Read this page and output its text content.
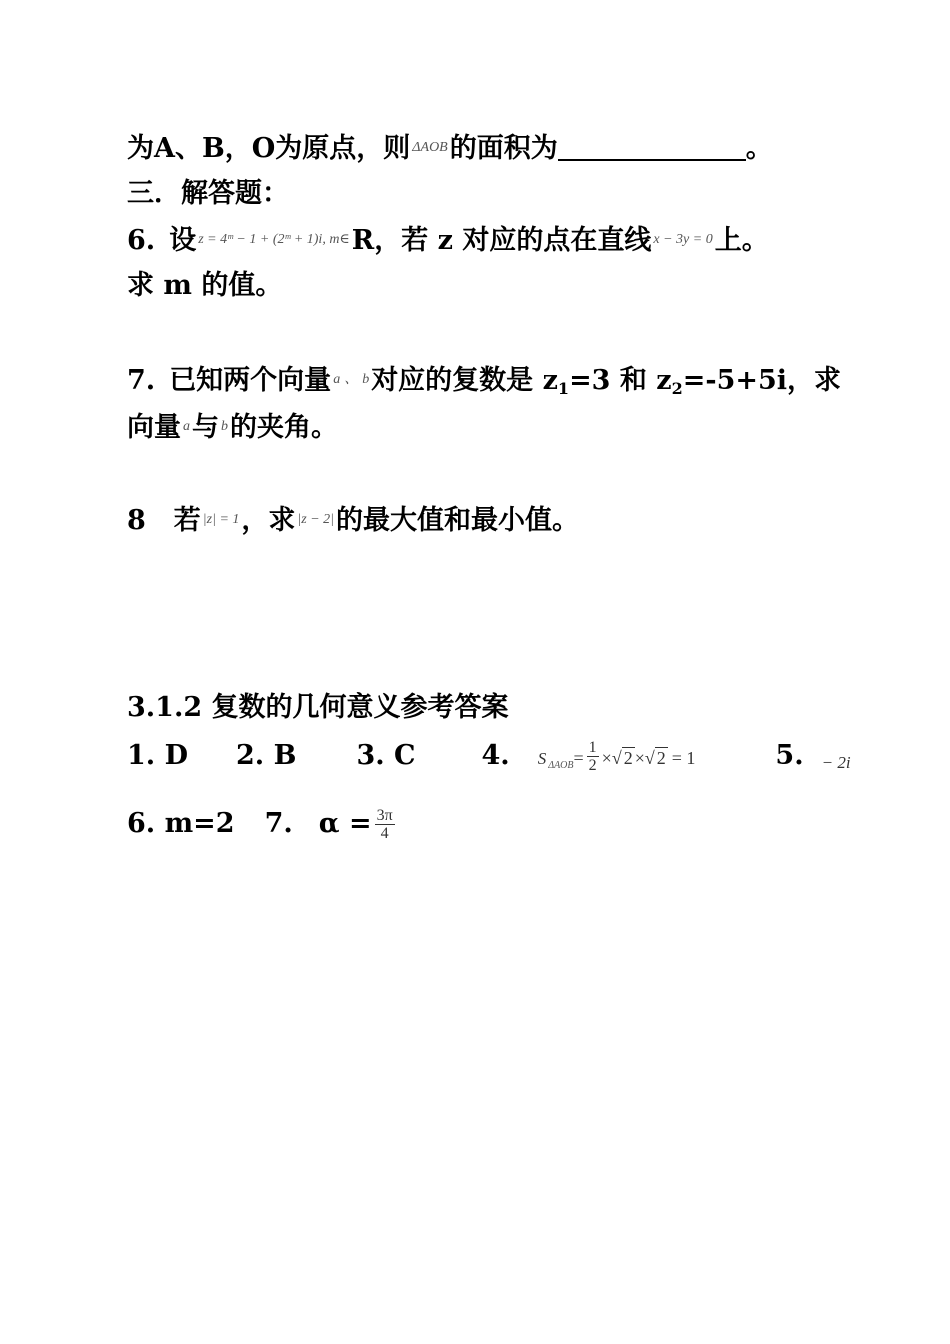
为A、B，O为原点，则 $^{\Delta AOB}$的面积为	。
三．解答题：
6. 设 $^{z = 4ᵐ - 1 + (2ᵐ + 1)i, m\in}$R，若 z 对应的点在直线 $^{x - 3y = 0}$上。
求 m 的值。
7. 已知两个向量 $^a$ 、 $^b$对应的复数是 $z_1=3$ 和 $z_2=-5+5i$，求
向量 $^a$与 $^b$的夹角。
8 若 $^{|z| = 1}$，求 $^{|z - 2|}$的最大值和最小值。
3.1.2 复数的几何意义参考答案
1. D 2. B 3. C 4. S $\Delta AOB= \frac{1}{2}$ ×√ 2 ×√ 2 = 1	5. − 2i
6. m=2 7. $\alpha = \frac{3\pi}{4}$
